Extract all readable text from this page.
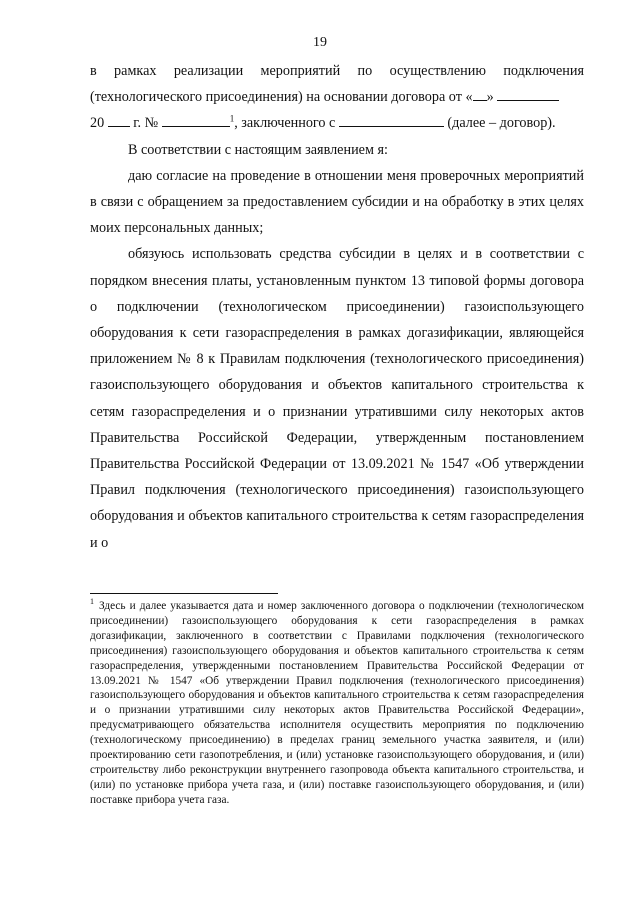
19

в рамках реализации мероприятий по осуществлению подключения (технологического присоединения) на основании договора от « »
20 г. №	$^1$, заключенного с	(далее – договор).

В соответствии с настоящим заявлением я:

даю согласие на проведение в отношении меня проверочных мероприятий в связи с обращением за предоставлением субсидии и на обработку в этих целях моих персональных данных;

обязуюсь использовать средства субсидии в целях и в соответствии с порядком внесения платы, установленным пунктом 13 типовой формы договора о подключении (технологическом присоединении) газоиспользующего оборудования к сети газораспределения в рамках догазификации, являющейся приложением № 8 к Правилам подключения (технологического присоединения) газоиспользующего оборудования и объектов капитального строительства к сетям газораспределения и о признании утратившими силу некоторых актов Правительства Российской Федерации, утвержденным постановлением Правительства Российской Федерации от 13.09.2021 № 1547 «Об утверждении Правил подключения (технологического присоединения) газоиспользующего оборудования и объектов капитального строительства к сетям газораспределения и о

$^1$ Здесь и далее указывается дата и номер заключенного договора о подключении (технологическом присоединении) газоиспользующего оборудования к сети газораспределения в рамках догазификации, заключенного в соответствии с Правилами подключения (технологического присоединения) газоиспользующего оборудования и объектов капитального строительства к сетям газораспределения, утвержденными постановлением Правительства Российской Федерации от 13.09.2021 № 1547 «Об утверждении Правил подключения (технологического присоединения) газоиспользующего оборудования и объектов капитального строительства к сетям газораспределения и о признании утратившими силу некоторых актов Правительства Российской Федерации», предусматривающего обязательства исполнителя осуществить мероприятия по подключению (технологическому присоединению) в пределах границ земельного участка заявителя, и (или) проектированию сети газопотребления, и (или) установке газоиспользующего оборудования, и (или) строительству либо реконструкции внутреннего газопровода объекта капитального строительства, и (или) по установке прибора учета газа, и (или) поставке газоиспользующего оборудования, и (или) поставке прибора учета газа.
